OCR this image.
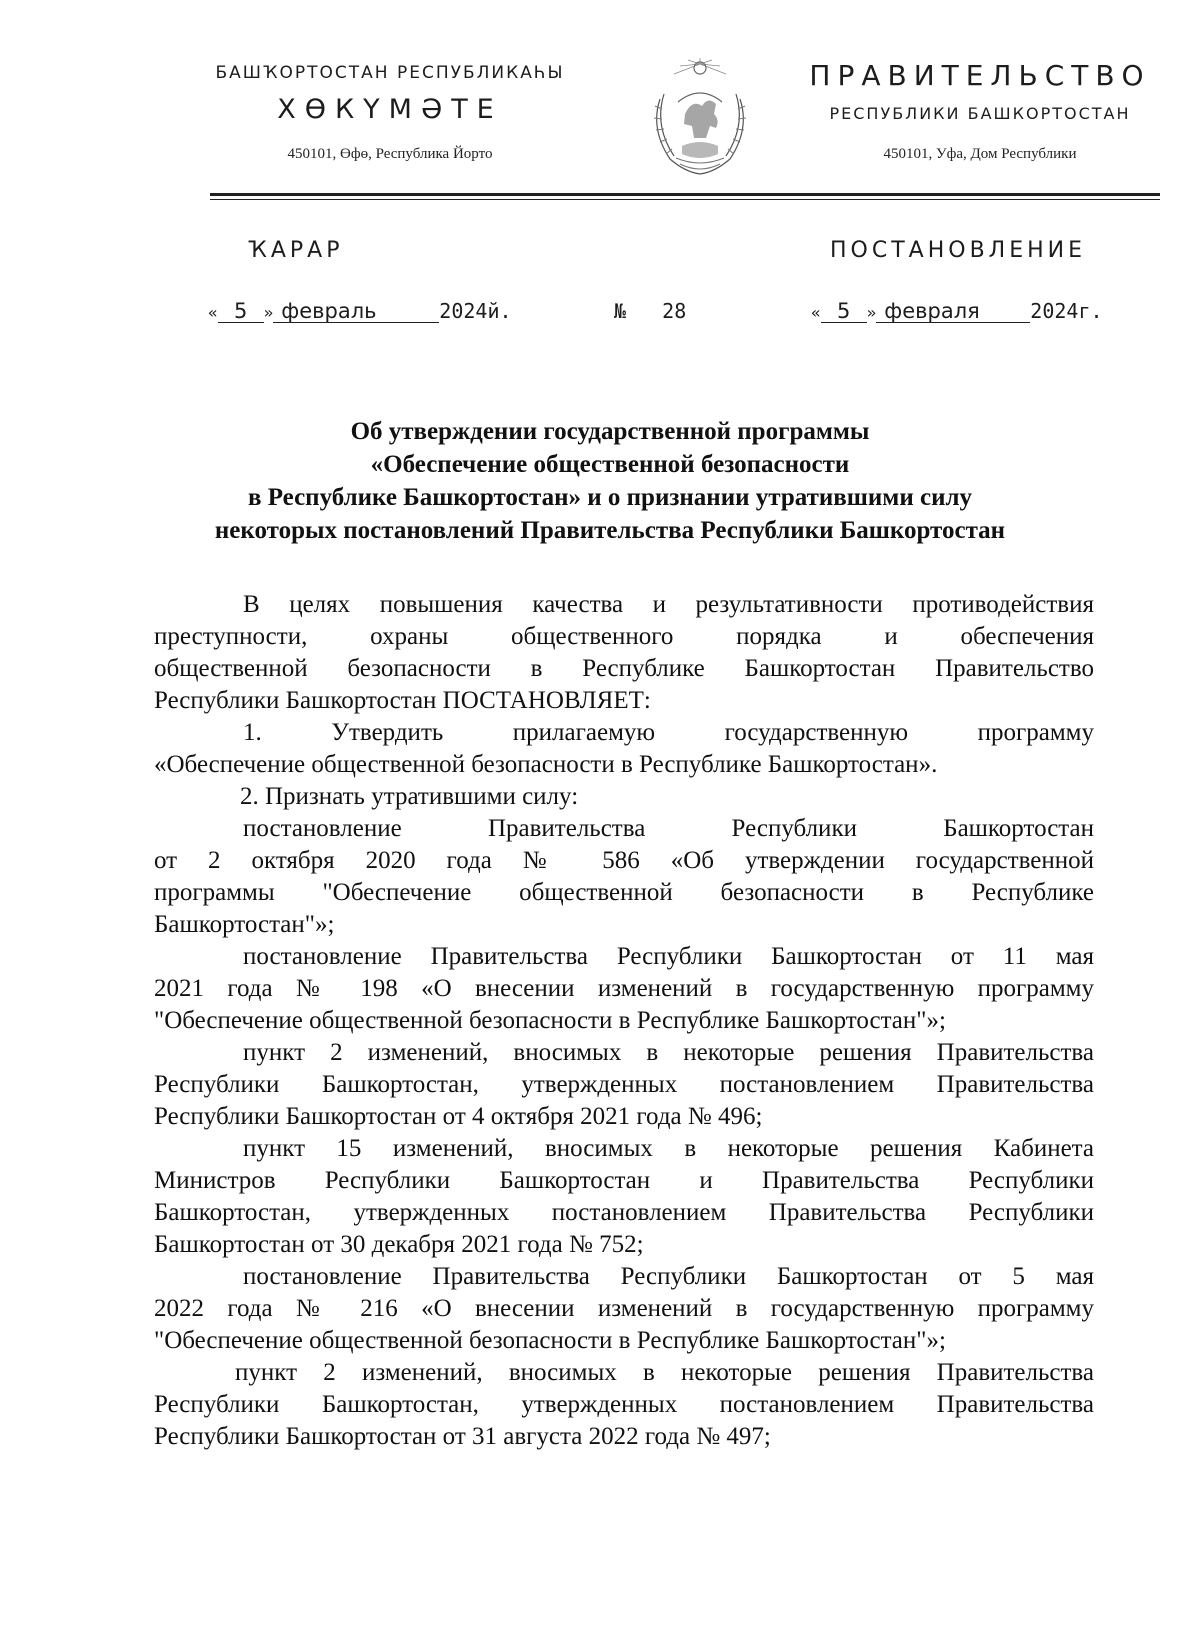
БАШҠОРТОСТАН РЕСПУБЛИКАҺЫ
ХӨКҮМӘТЕ
450101, Өфө, Республика Йорто
ПРАВИТЕЛЬСТВО
РЕСПУБЛИКИ БАШКОРТОСТАН
450101, Уфа, Дом Республики
ҠАРАР	ПОСТАНОВЛЕНИЕ
« 5 » февраль	2024й.	№ 28	« 5 » февраля	2024г.
Об утверждении государственной программы
«Обеспечение общественной безопасности
в Республике Башкортостан» и о признании утратившими силу
некоторых постановлений Правительства Республики Башкортостан

В целях повышения качества и результативности противодействия

преступности, охраны общественного порядка и обеспечения

общественной безопасности в Республике Башкортостан Правительство

Республики Башкортостан ПОСТАНОВЛЯЕТ:

1. Утвердить прилагаемую государственную программу

«Обеспечение общественной безопасности в Республике Башкортостан».

2. Признать утратившими силу:

постановление Правительства Республики Башкортостан

от 2 октября 2020 года № 586 «Об утверждении государственной

программы "Обеспечение общественной безопасности в Республике

Башкортостан"»;

постановление Правительства Республики Башкортостан от 11 мая

2021 года № 198 «О внесении изменений в государственную программу

"Обеспечение общественной безопасности в Республике Башкортостан"»;

пункт 2 изменений, вносимых в некоторые решения Правительства

Республики Башкортостан, утвержденных постановлением Правительства

Республики Башкортостан от 4 октября 2021 года № 496;

пункт 15 изменений, вносимых в некоторые решения Кабинета

Министров Республики Башкортостан и Правительства Республики

Башкортостан, утвержденных постановлением Правительства Республики

Башкортостан от 30 декабря 2021 года № 752;

постановление Правительства Республики Башкортостан от 5 мая

2022 года № 216 «О внесении изменений в государственную программу

"Обеспечение общественной безопасности в Республике Башкортостан"»;

пункт 2 изменений, вносимых в некоторые решения Правительства

Республики Башкортостан, утвержденных постановлением Правительства

Республики Башкортостан от 31 августа 2022 года № 497;
